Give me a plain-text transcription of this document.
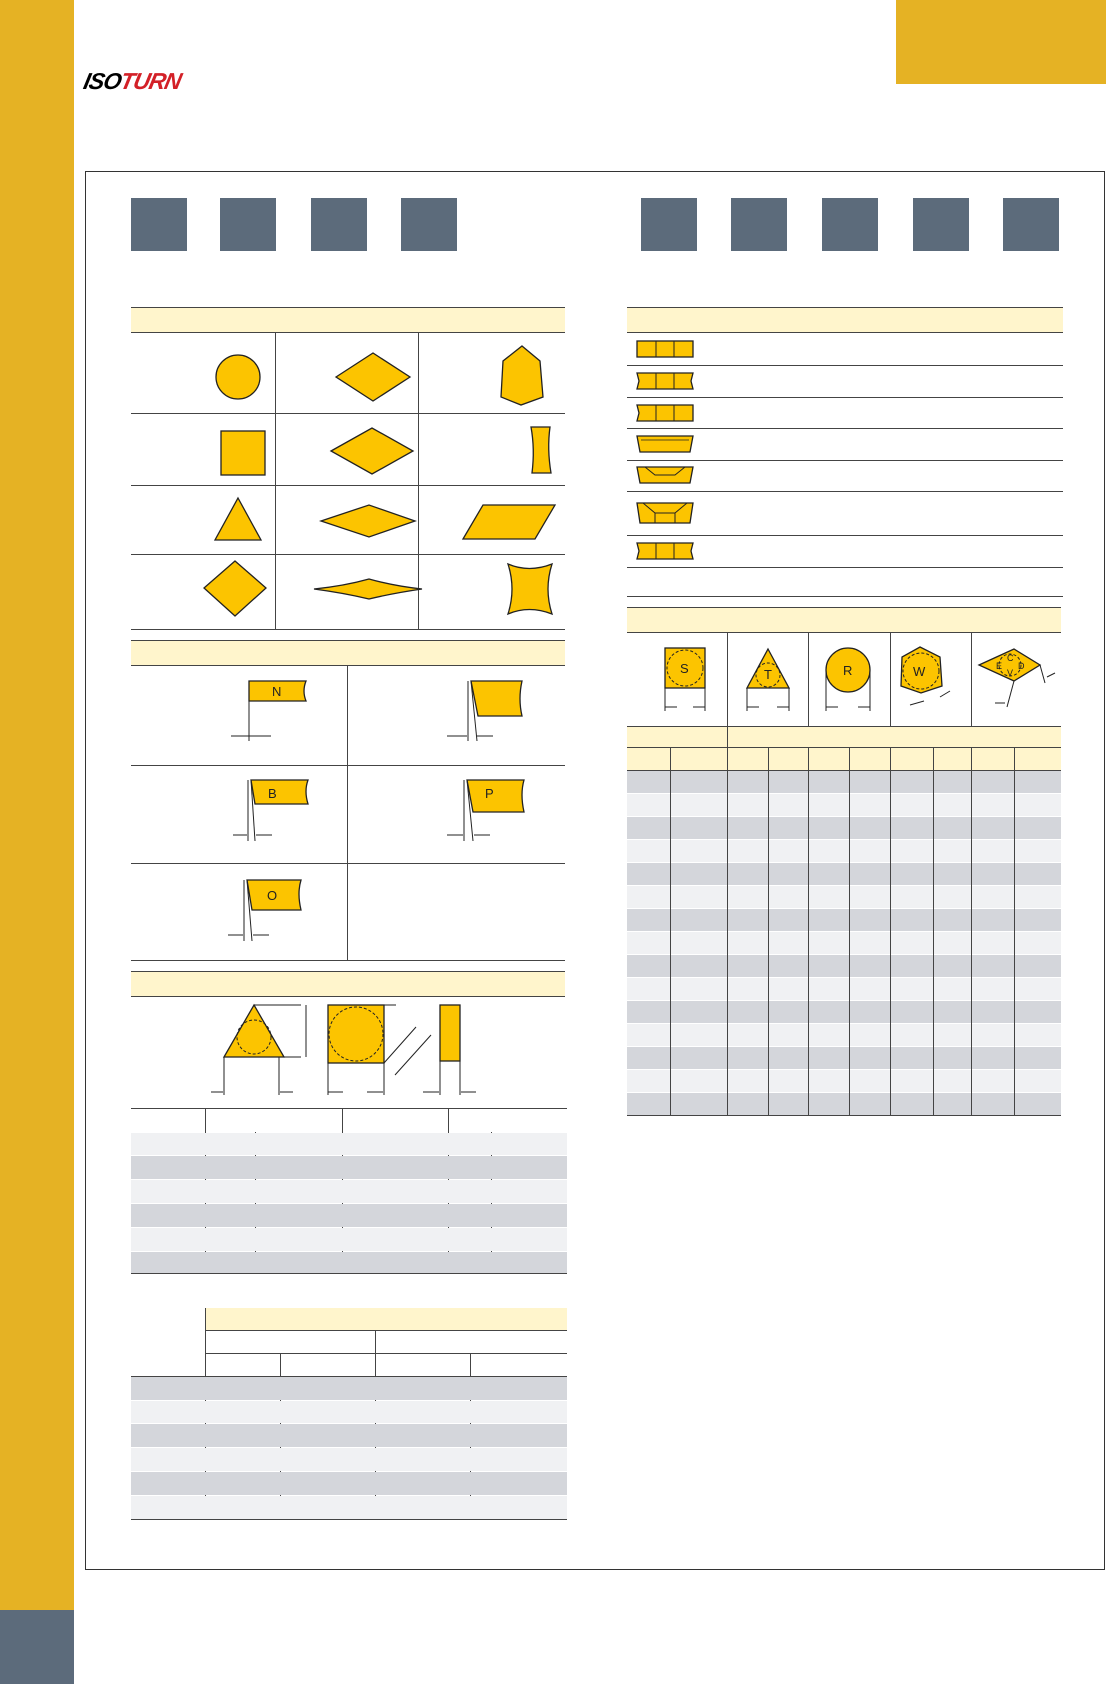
ISOTURN
N
B	P
O
S	T	R	W
C
E D
V
